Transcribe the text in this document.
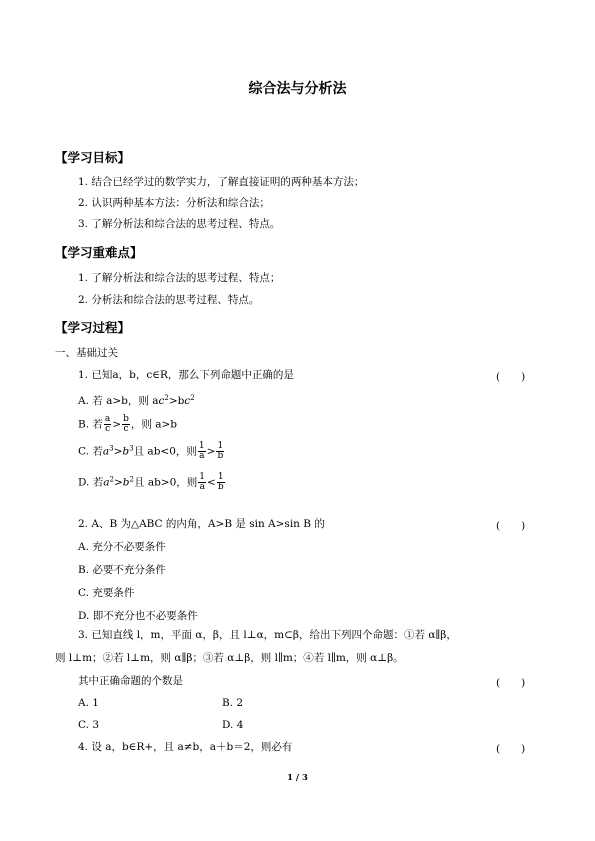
综合法与分析法
【学习目标】
1. 结合已经学过的数学实力，了解直接证明的两种基本方法；
2. 认识两种基本方法：分析法和综合法；
3. 了解分析法和综合法的思考过程、特点。
【学习重难点】
1. 了解分析法和综合法的思考过程、特点；
2. 分析法和综合法的思考过程、特点。
【学习过程】
一、基础过关
1. 已知a，b，c∈R，那么下列命题中正确的是	(　　)
A. 若 a>b，则 $ac^2>bc^2$
B. 若 $\frac{a}{c} > \frac{b}{c}$ ，则 a>b
C. 若$a^3>b^3$且 ab<0，则 $\frac{1}{a} > \frac{1}{b}$
D. 若$a^2>b^2$且 ab>0，则 $\frac{1}{a} < \frac{1}{b}$
2. A、B 为△ABC 的内角，A>B 是 sin A>sin B 的	(　　)
A. 充分不必要条件
B. 必要不充分条件
C. 充要条件
D. 即不充分也不必要条件
3. 已知直线 l，m，平面 α，β，且 l⊥α，m⊂β，给出下列四个命题：①若 α∥β，
则 l⊥m；②若 l⊥m，则 α∥β；③若 α⊥β，则 l∥m；④若 l∥m，则 α⊥β。
其中正确命题的个数是	(　　)
A. 1	B. 2
C. 3	D. 4
4. 设 a，b∈R+，且 a≠b，a＋b＝2，则必有	(　　)
1 / 3
